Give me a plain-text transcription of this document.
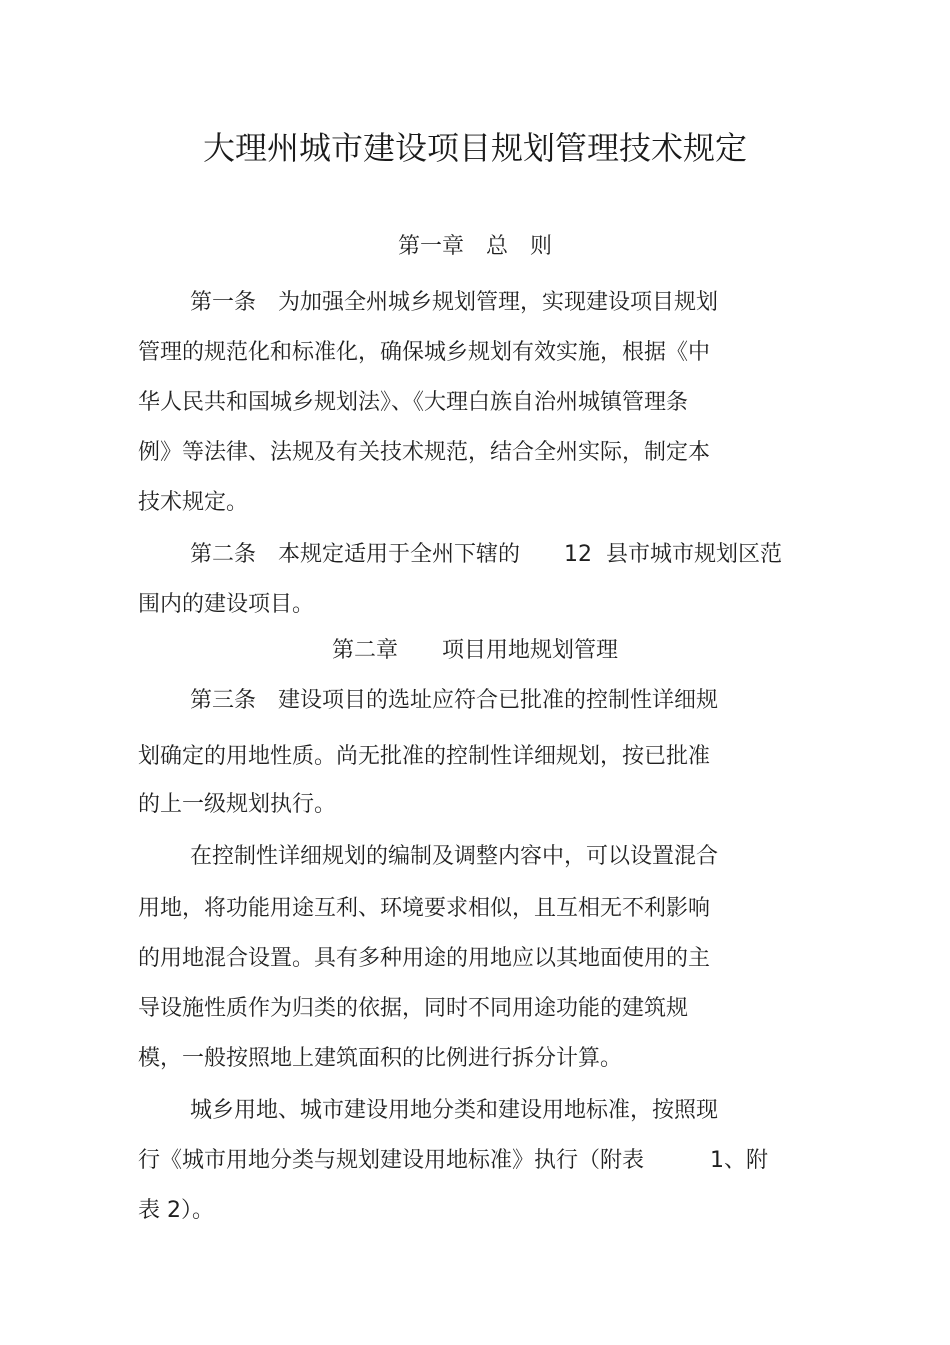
大理州城市建设项目规划管理技术规定
第一章　总　则
第一条　为加强全州城乡规划管理，实现建设项目规划
管理的规范化和标准化，确保城乡规划有效实施，根据《中
华人民共和国城乡规划法》、《大理白族自治州城镇管理条
例》等法律、法规及有关技术规范，结合全州实际，制定本
技术规定。
第二条　本规定适用于全州下辖的　　12  县市城市规划区范
围内的建设项目。
第二章　　项目用地规划管理
第三条　建设项目的选址应符合已批准的控制性详细规
划确定的用地性质。尚无批准的控制性详细规划，按已批准
的上一级规划执行。
在控制性详细规划的编制及调整内容中，可以设置混合
用地，将功能用途互利、环境要求相似，且互相无不利影响
的用地混合设置。具有多种用途的用地应以其地面使用的主
导设施性质作为归类的依据，同时不同用途功能的建筑规
模，一般按照地上建筑面积的比例进行拆分计算。
城乡用地、城市建设用地分类和建设用地标准，按照现
行《城市用地分类与规划建设用地标准》执行（附表　　　1、附
表 2）。
